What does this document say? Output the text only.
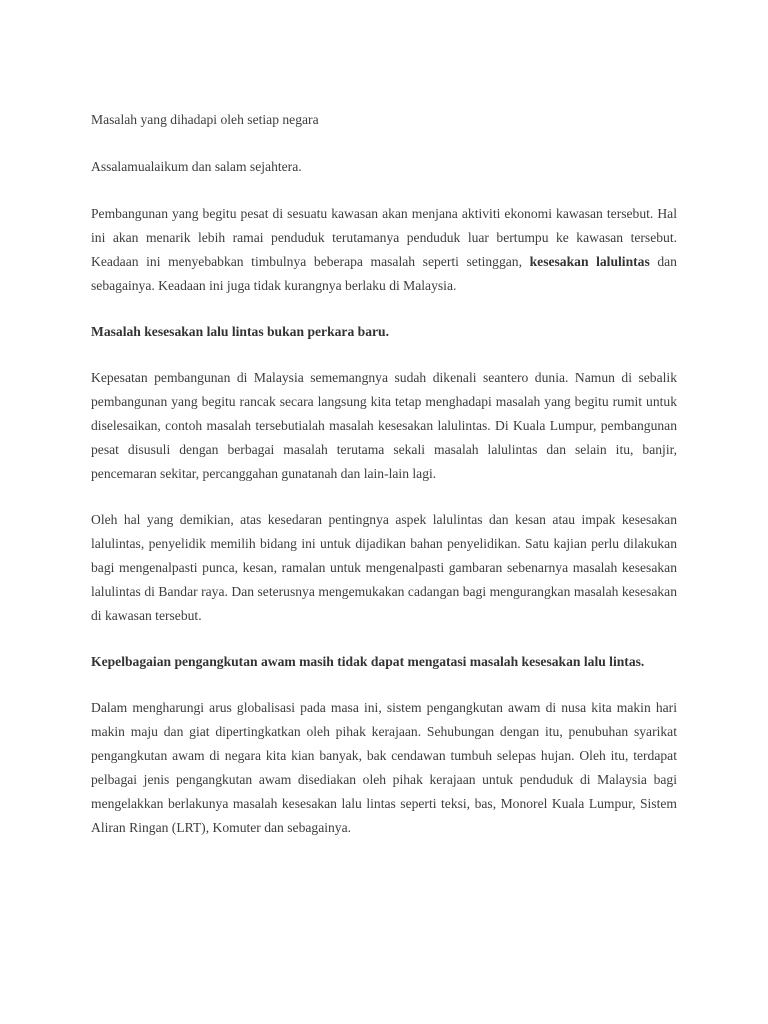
Masalah yang dihadapi oleh setiap negara

Assalamualaikum dan salam sejahtera.

Pembangunan yang begitu pesat di sesuatu kawasan akan menjana aktiviti ekonomi kawasan tersebut. Hal ini akan menarik lebih ramai penduduk terutamanya penduduk luar bertumpu ke kawasan tersebut. Keadaan ini menyebabkan timbulnya beberapa masalah seperti setinggan, kesesakan lalulintas dan sebagainya. Keadaan ini juga tidak kurangnya berlaku di Malaysia.

Masalah kesesakan lalu lintas bukan perkara baru.

Kepesatan pembangunan di Malaysia sememangnya sudah dikenali seantero dunia. Namun di sebalik pembangunan yang begitu rancak secara langsung kita tetap menghadapi masalah yang begitu rumit untuk diselesaikan, contoh masalah tersebutialah masalah kesesakan lalulintas. Di Kuala Lumpur, pembangunan pesat disusuli dengan berbagai masalah terutama sekali masalah lalulintas dan selain itu, banjir, pencemaran sekitar, percanggahan gunatanah dan lain-lain lagi.

Oleh hal yang demikian, atas kesedaran pentingnya aspek lalulintas dan kesan atau impak kesesakan lalulintas, penyelidik memilih bidang ini untuk dijadikan bahan penyelidikan. Satu kajian perlu dilakukan bagi mengenalpasti punca, kesan, ramalan untuk mengenalpasti gambaran sebenarnya masalah kesesakan lalulintas di Bandar raya. Dan seterusnya mengemukakan cadangan bagi mengurangkan masalah kesesakan di kawasan tersebut.

Kepelbagaian pengangkutan awam masih tidak dapat mengatasi masalah kesesakan lalu lintas.

Dalam mengharungi arus globalisasi pada masa ini, sistem pengangkutan awam di nusa kita makin hari makin maju dan giat dipertingkatkan oleh pihak kerajaan. Sehubungan dengan itu, penubuhan syarikat pengangkutan awam di negara kita kian banyak, bak cendawan tumbuh selepas hujan. Oleh itu, terdapat pelbagai jenis pengangkutan awam disediakan oleh pihak kerajaan untuk penduduk di Malaysia bagi mengelakkan berlakunya masalah kesesakan lalu lintas seperti teksi, bas, Monorel Kuala Lumpur, Sistem Aliran Ringan (LRT), Komuter dan sebagainya.
